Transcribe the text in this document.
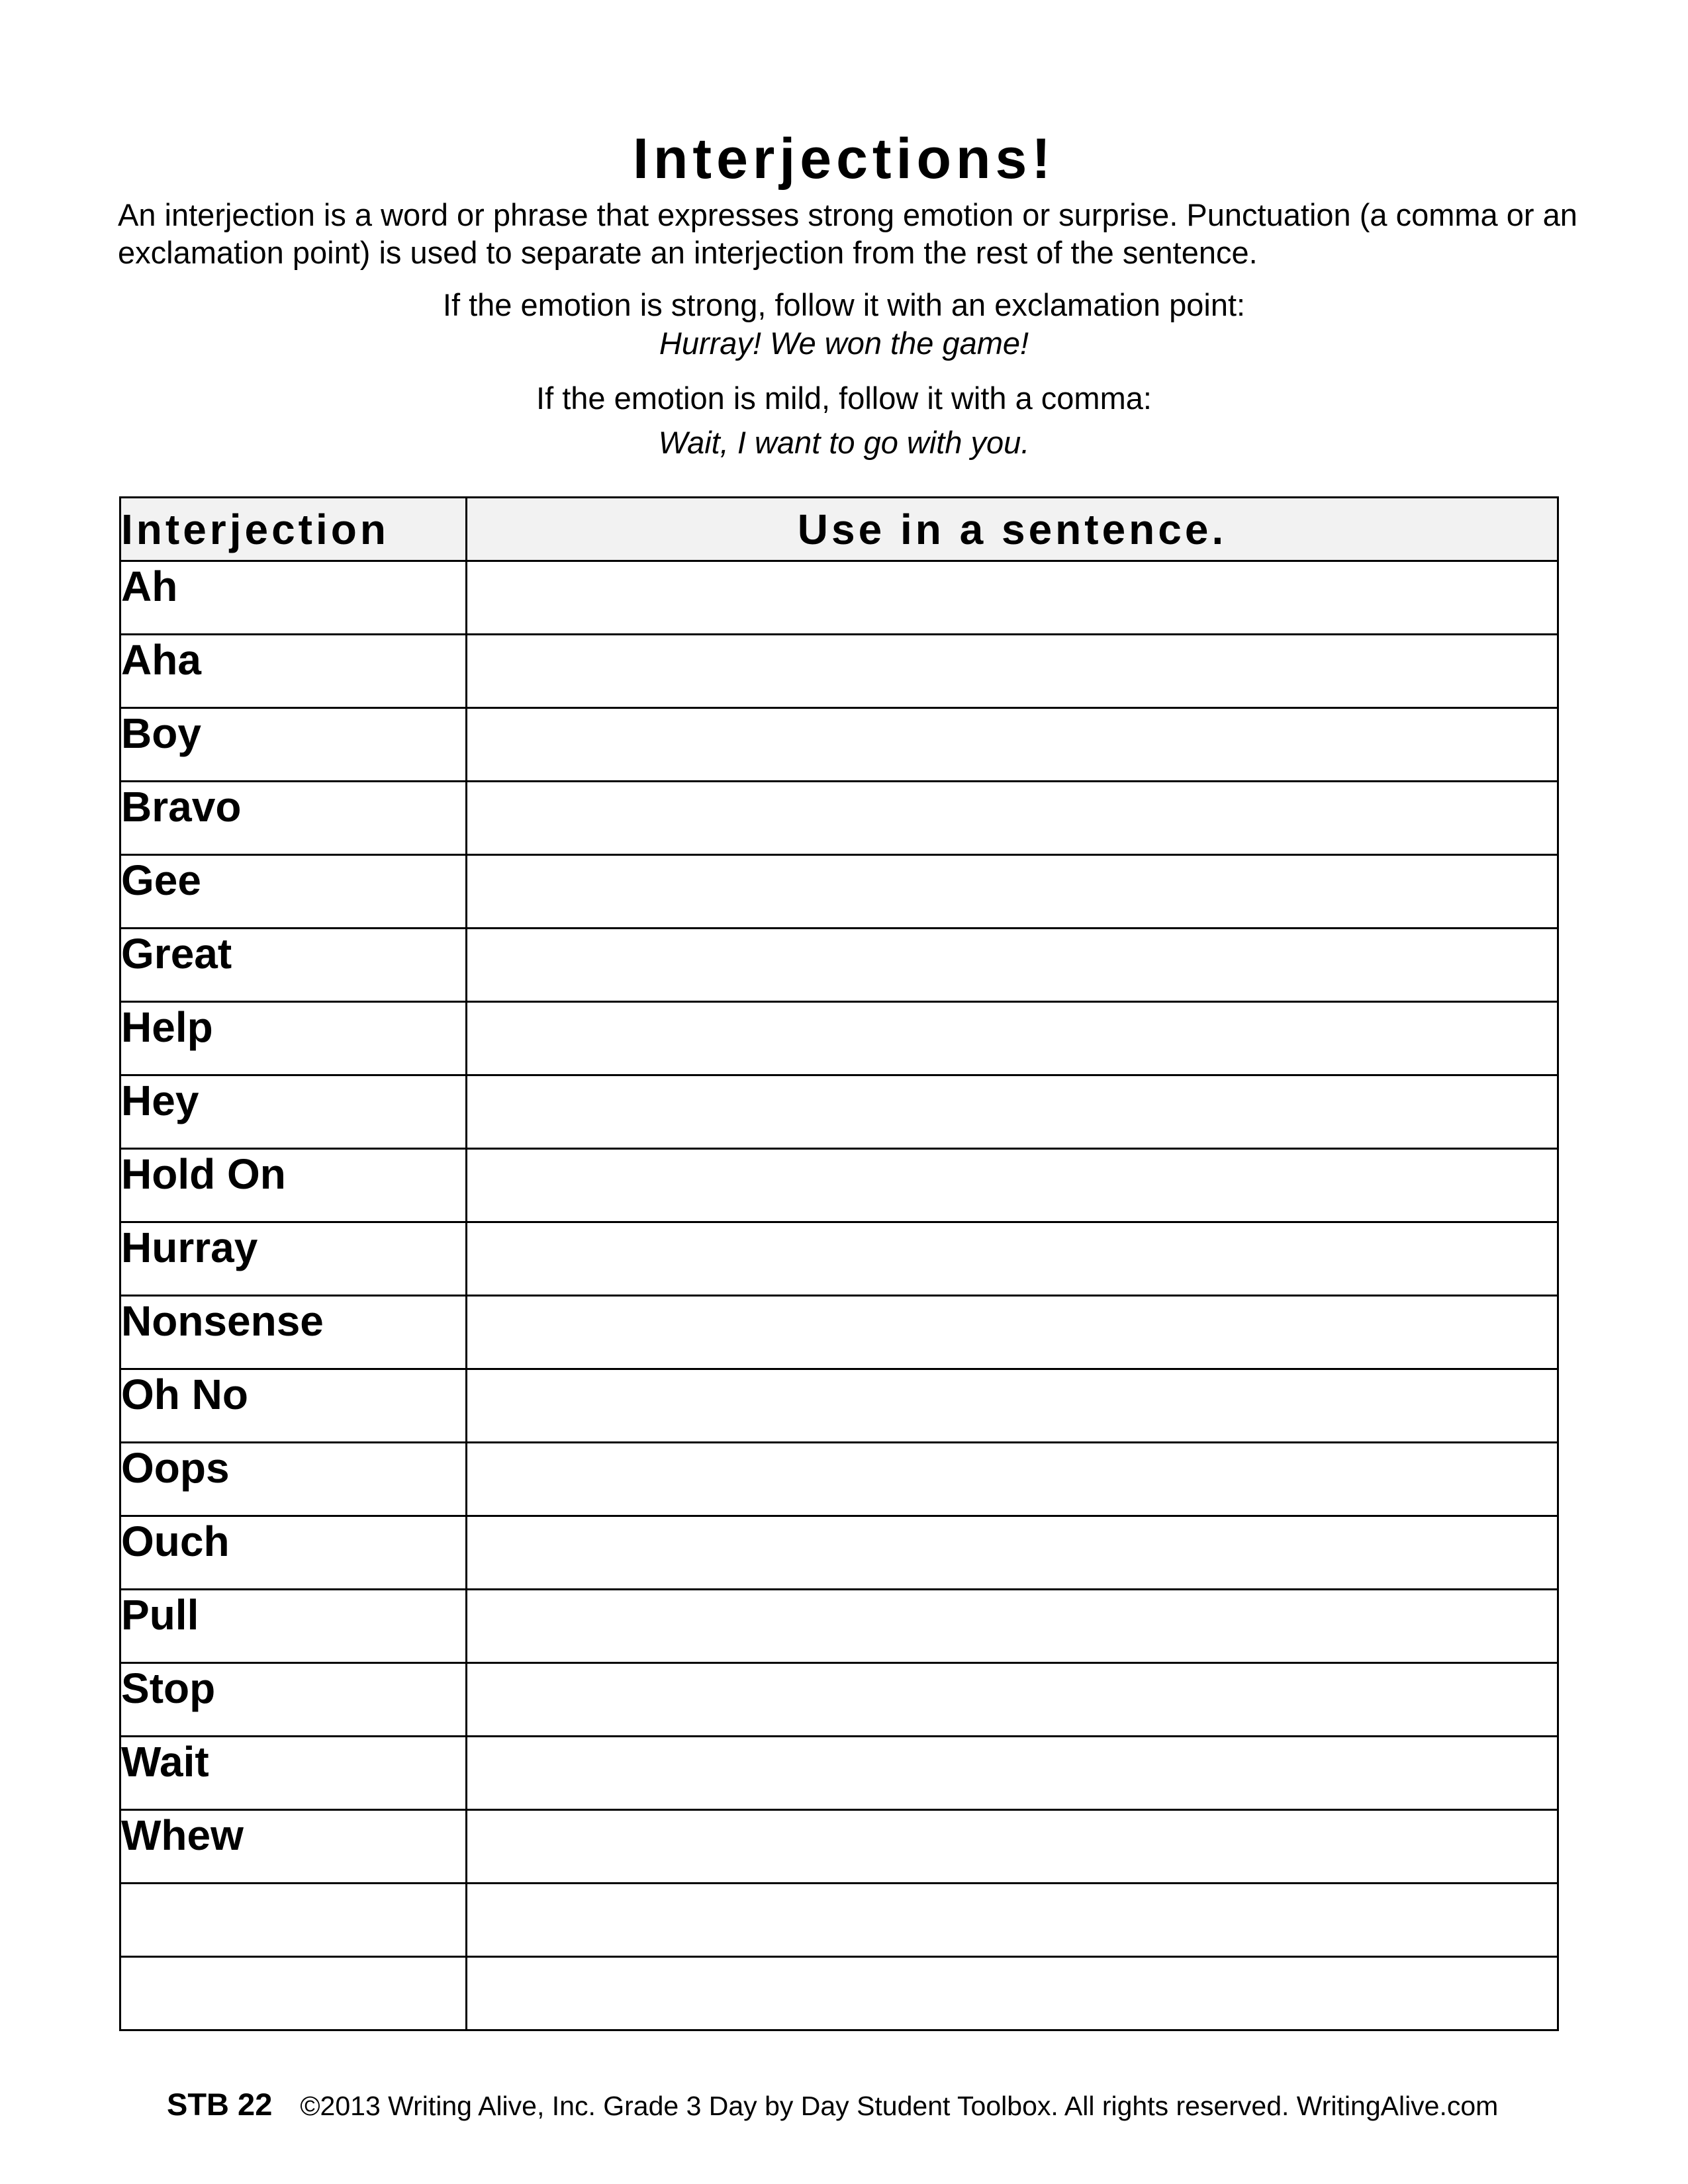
Interjections!
An interjection is a word or phrase that expresses strong emotion or surprise. Punctuation (a comma or an exclamation point) is used to separate an interjection from the rest of the sentence.
If the emotion is strong, follow it with an exclamation point:
Hurray! We won the game!
If the emotion is mild, follow it with a comma:
Wait, I want to go with you.
Interjection	Use in a sentence.
Ah	
Aha	
Boy	
Bravo	
Gee	
Great	
Help	
Hey	
Hold On	
Hurray	
Nonsense	
Oh No	
Oops	
Ouch	
Pull	
Stop	
Wait	
Whew	

STB 22 ©2013 Writing Alive, Inc. Grade 3 Day by Day Student Toolbox. All rights reserved. WritingAlive.com
